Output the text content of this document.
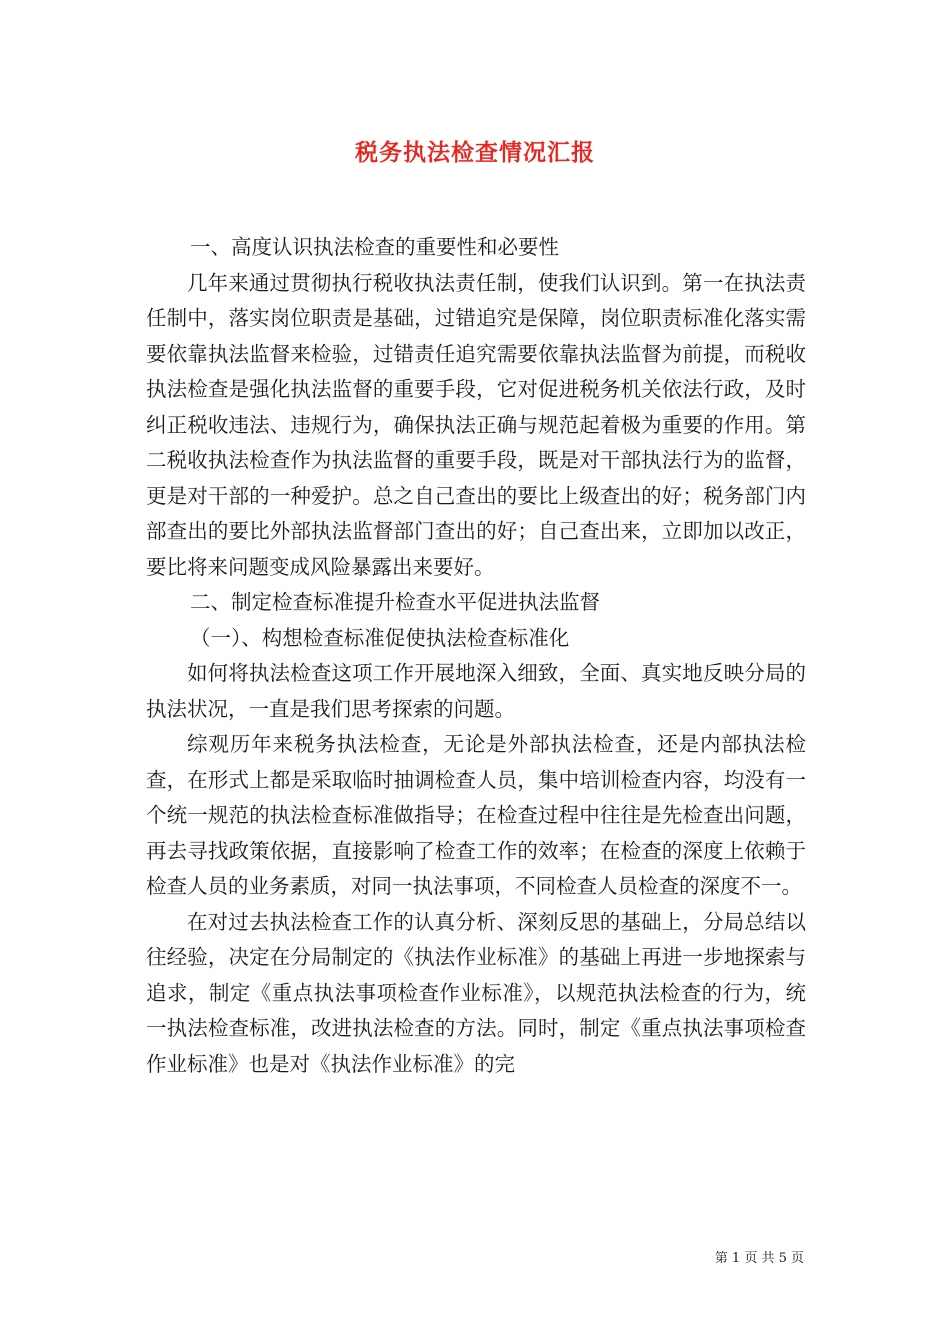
税务执法检查情况汇报

一、高度认识执法检查的重要性和必要性

几年来通过贯彻执行税收执法责任制，使我们认识到。第一在执法责任制中，落实岗位职责是基础，过错追究是保障，岗位职责标准化落实需要依靠执法监督来检验，过错责任追究需要依靠执法监督为前提，而税收执法检查是强化执法监督的重要手段，它对促进税务机关依法行政，及时纠正税收违法、违规行为，确保执法正确与规范起着极为重要的作用。第二税收执法检查作为执法监督的重要手段，既是对干部执法行为的监督，更是对干部的一种爱护。总之自己查出的要比上级查出的好；税务部门内部查出的要比外部执法监督部门查出的好；自己查出来，立即加以改正，要比将来问题变成风险暴露出来要好。

二、制定检查标准提升检查水平促进执法监督

（一）、构想检查标准促使执法检查标准化

如何将执法检查这项工作开展地深入细致，全面、真实地反映分局的执法状况，一直是我们思考探索的问题。

综观历年来税务执法检查，无论是外部执法检查，还是内部执法检查，在形式上都是采取临时抽调检查人员，集中培训检查内容，均没有一个统一规范的执法检查标准做指导；在检查过程中往往是先检查出问题，再去寻找政策依据，直接影响了检查工作的效率；在检查的深度上依赖于检查人员的业务素质，对同一执法事项，不同检查人员检查的深度不一。

在对过去执法检查工作的认真分析、深刻反思的基础上，分局总结以往经验，决定在分局制定的《执法作业标准》的基础上再进一步地探索与追求，制定《重点执法事项检查作业标准》，以规范执法检查的行为，统一执法检查标准，改进执法检查的方法。同时，制定《重点执法事项检查作业标准》也是对《执法作业标准》的完

第 1 页 共 5 页
